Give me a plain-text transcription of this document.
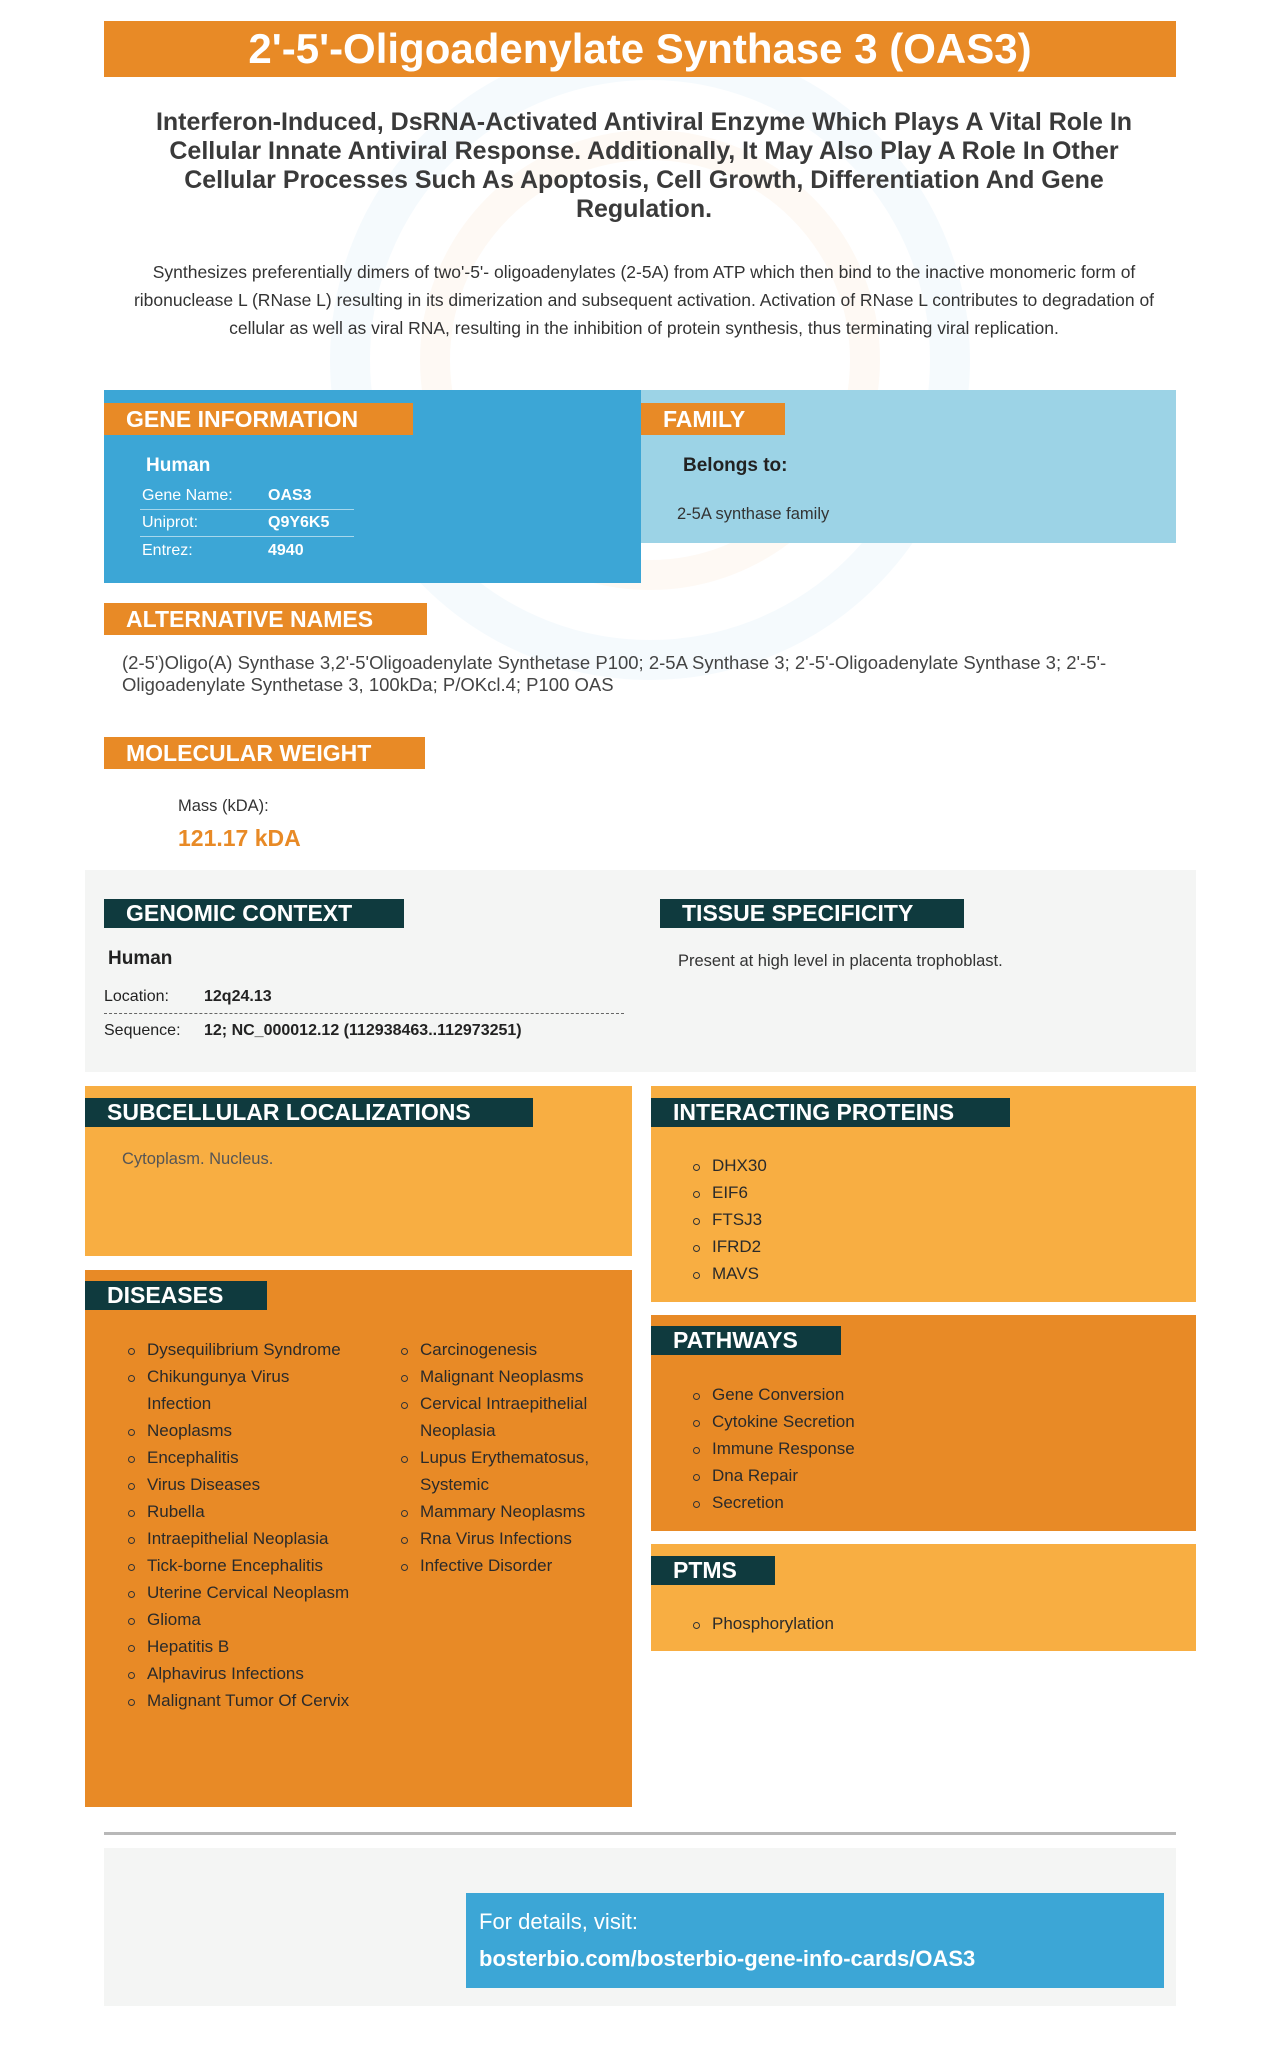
2'-5'-Oligoadenylate Synthase 3 (OAS3)
Interferon-Induced, DsRNA-Activated Antiviral Enzyme Which Plays A Vital Role In Cellular Innate Antiviral Response. Additionally, It May Also Play A Role In Other Cellular Processes Such As Apoptosis, Cell Growth, Differentiation And Gene Regulation.
Synthesizes preferentially dimers of two'-5'- oligoadenylates (2-5A) from ATP which then bind to the inactive monomeric form of ribonuclease L (RNase L) resulting in its dimerization and subsequent activation. Activation of RNase L contributes to degradation of cellular as well as viral RNA, resulting in the inhibition of protein synthesis, thus terminating viral replication.
Human
Gene Name:	OAS3
Uniprot:	Q9Y6K5
Entrez:	4940
GENE INFORMATION
Belongs to:
2-5A synthase family
FAMILY
ALTERNATIVE NAMES
(2-5')Oligo(A) Synthase 3,2'-5'Oligoadenylate Synthetase P100; 2-5A Synthase 3; 2'-5'-Oligoadenylate Synthase 3; 2'-5'-Oligoadenylate Synthetase 3, 100kDa; P/OKcl.4; P100 OAS
MOLECULAR WEIGHT
Mass (kDA):
121.17 kDA
GENOMIC CONTEXT
Human
Location:	12q24.13
Sequence:	12; NC_000012.12 (112938463..112973251)
TISSUE SPECIFICITY
Present at high level in placenta trophoblast.
SUBCELLULAR LOCALIZATIONS
Cytoplasm. Nucleus.
INTERACTING PROTEINS
DHX30
EIF6
FTSJ3
IFRD2
MAVS
DISEASES
Dysequilibrium Syndrome
Chikungunya Virus Infection
Neoplasms
Encephalitis
Virus Diseases
Rubella
Intraepithelial Neoplasia
Tick-borne Encephalitis
Uterine Cervical Neoplasm
Glioma
Hepatitis B
Alphavirus Infections
Malignant Tumor Of Cervix
Carcinogenesis
Malignant Neoplasms
Cervical Intraepithelial Neoplasia
Lupus Erythematosus, Systemic
Mammary Neoplasms
Rna Virus Infections
Infective Disorder
PATHWAYS
Gene Conversion
Cytokine Secretion
Immune Response
Dna Repair
Secretion
PTMS
Phosphorylation
For details, visit:
bosterbio.com/bosterbio-gene-info-cards/OAS3
